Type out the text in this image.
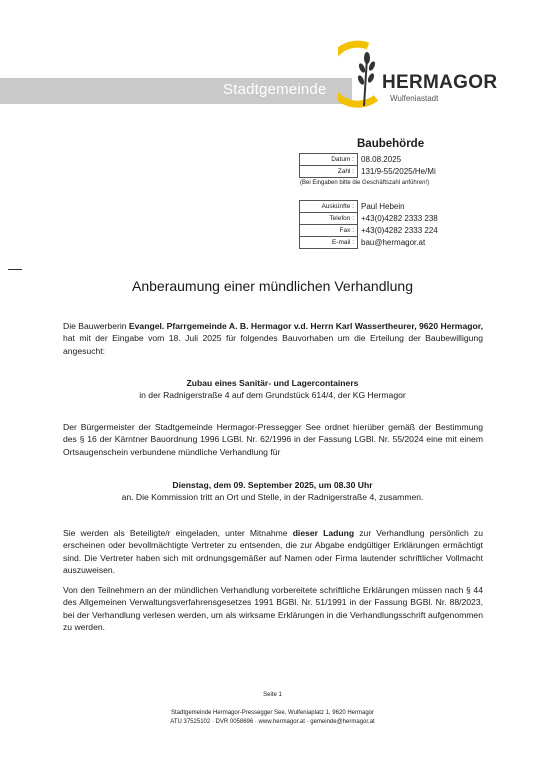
Stadtgemeinde	HERMAGOR
Wulfeniastadt
Baubehörde
Datum :	08.08.2025
Zahl :	131/9-55/2025/He/Mi
(Bei Eingaben bitte die Geschäftszahl anführen!)
Auskünfte :	Paul Hebein
Telefon :	+43(0)4282 2333 238
Fax :	+43(0)4282 2333 224
E-mail :	bau@hermagor.at
Anberaumung einer mündlichen Verhandlung
Die Bauwerberin Evangel. Pfarrgemeinde A. B. Hermagor v.d. Herrn Karl Wassertheurer, 9620 Hermagor, hat mit der Eingabe vom 18. Juli 2025 für folgendes Bauvorhaben um die Erteilung der Baubewilligung angesucht:
Zubau eines Sanitär- und Lagercontainers
in der Radnigerstraße 4 auf dem Grundstück 614/4, der KG Hermagor
Der Bürgermeister der Stadtgemeinde Hermagor-Pressegger See ordnet hierüber gemäß der Bestimmung des § 16 der Kärntner Bauordnung 1996 LGBl. Nr. 62/1996 in der Fassung LGBl. Nr. 55/2024 eine mit einem Ortsaugenschein verbundene mündliche Verhandlung für
Dienstag, dem 09. September 2025, um 08.30 Uhr
an. Die Kommission tritt an Ort und Stelle, in der Radnigerstraße 4, zusammen.
Sie werden als Beteiligte/r eingeladen, unter Mitnahme dieser Ladung zur Verhandlung persönlich zu erscheinen oder bevollmächtigte Vertreter zu entsenden, die zur Abgabe endgültiger Erklärungen ermächtigt sind. Die Vertreter haben sich mit ordnungsgemäßer auf Namen oder Firma lautender schriftlicher Vollmacht auszuweisen.
Von den Teilnehmern an der mündlichen Verhandlung vorbereitete schriftliche Erklärungen müssen nach § 44 des Allgemeinen Verwaltungsverfahrensgesetzes 1991 BGBl. Nr. 51/1991 in der Fassung BGBl. Nr. 88/2023, bei der Verhandlung verlesen werden, um als wirksame Erklärungen in die Verhandlungsschrift aufgenommen zu werden.
Seite 1
Stadtgemeinde Hermagor-Pressegger See, Wulfeniaplatz 1, 9620 Hermagor
ATU 37525102 · DVR 0058696 · www.hermagor.at · gemeinde@hermagor.at
